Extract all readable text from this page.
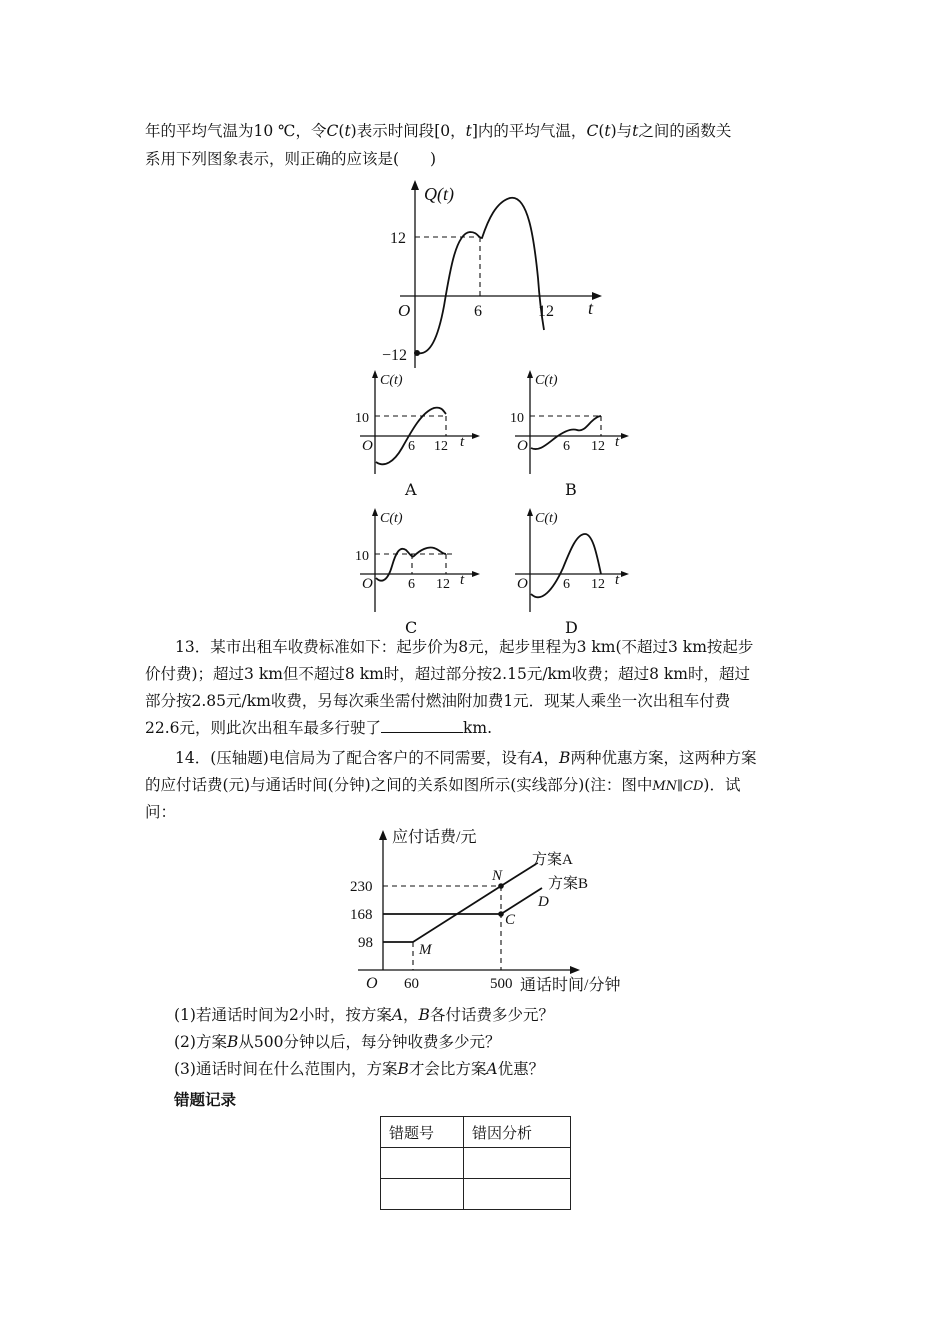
年的平均气温为10 ℃，令C(t)表示时间段[0，t]内的平均气温，C(t)与t之间的函数关

系用下列图象表示，则正确的应该是(　　)

Q(t)
12
−12
O	6	12 t
C(t)
10
O	6 12 t
A
C(t)
10
O	6 12 t
B
C(t)
10
O	6 12 t
C
C(t)
O	6 12 t
D

13．某市出租车收费标准如下：起步价为8元，起步里程为3 km(不超过3 km按起步

价付费)；超过3 km但不超过8 km时，超过部分按2.15元/km收费；超过8 km时，超过

部分按2.85元/km收费，另每次乘坐需付燃油附加费1元．现某人乘坐一次出租车付费

22.6元，则此次出租车最多行驶了	km.

14．(压轴题)电信局为了配合客户的不同需要，设有A，B两种优惠方案，这两种方案

的应付话费(元)与通话时间(分钟)之间的关系如图所示(实线部分)(注：图中MN∥CD)．试

问：

应付话费/元
230
168
98
O 60	500 通话时间/分钟
方案A
方案B
N
C
M
D

(1)若通话时间为2小时，按方案A，B各付话费多少元？

(2)方案B从500分钟以后，每分钟收费多少元？

(3)通话时间在什么范围内，方案B才会比方案A优惠？

错题记录
错题号	错因分析
